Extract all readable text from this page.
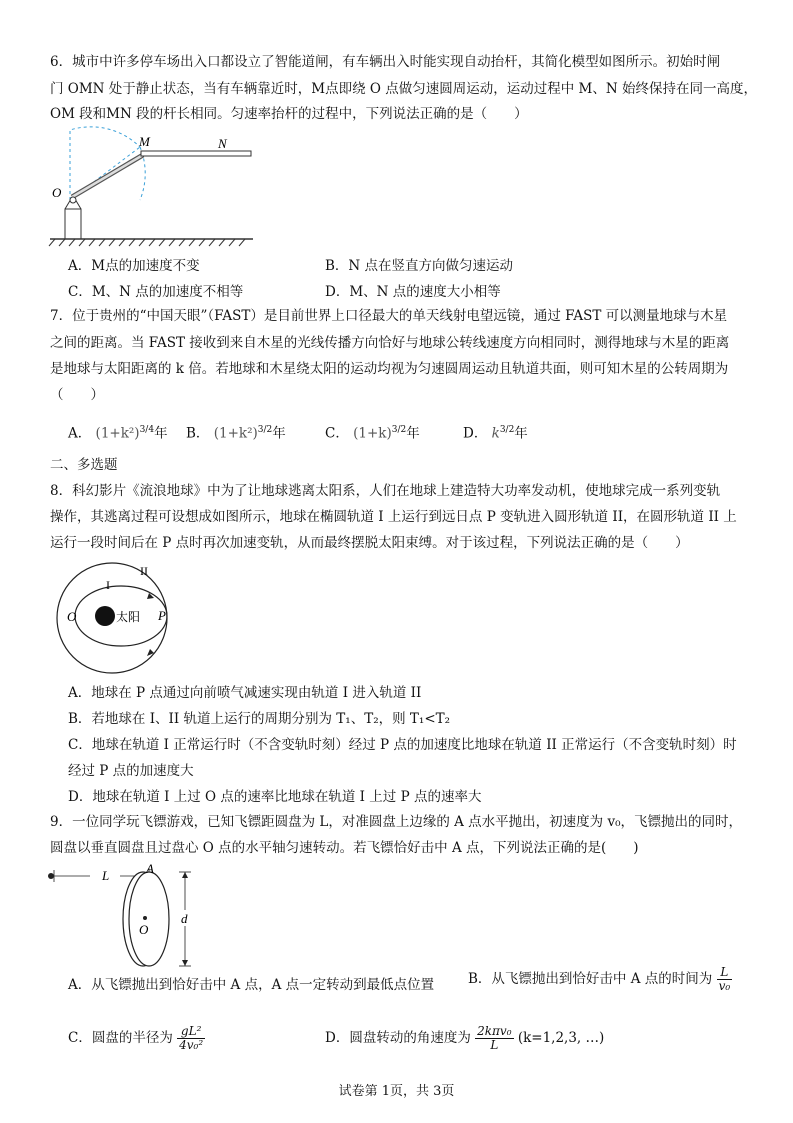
6．城市中许多停车场出入口都设立了智能道闸，有车辆出入时能实现自动抬杆，其简化模型如图所示。初始时闸
门 OMN 处于静止状态，当有车辆靠近时，M点即绕 O 点做匀速圆周运动，运动过程中 M、N 始终保持在同一高度，
OM 段和MN 段的杆长相同。匀速率抬杆的过程中，下列说法正确的是（　　）
O
M	N
A．M点的加速度不变	B．N 点在竖直方向做匀速运动
C．M、N 点的加速度不相等	D．M、N 点的速度大小相等
7．位于贵州的“中国天眼”（FAST）是目前世界上口径最大的单天线射电望远镜，通过 FAST 可以测量地球与木星
之间的距离。当 FAST 接收到来自木星的光线传播方向恰好与地球公转线速度方向相同时，测得地球与木星的距离
是地球与太阳距离的 k 倍。若地球和木星绕太阳的运动均视为匀速圆周运动且轨道共面，则可知木星的公转周期为
（　　）
A． $(1+k^2)^{3/4}$年 B． $(1+k^2)^{3/2}$年	C． $(1+k)^{3/2}$年	D． $k^{3/2}$年
二、多选题
8．科幻影片《流浪地球》中为了让地球逃离太阳系，人们在地球上建造特大功率发动机，使地球完成一系列变轨
操作，其逃离过程可设想成如图所示，地球在椭圆轨道 I 上运行到远日点 P 变轨进入圆形轨道 II，在圆形轨道 II 上
运行一段时间后在 P 点时再次加速变轨，从而最终摆脱太阳束缚。对于该过程，下列说法正确的是（　　）
I
II
O	P
太阳
A．地球在 P 点通过向前喷气减速实现由轨道 I 进入轨道 II
B．若地球在 I、II 轨道上运行的周期分别为 T₁、T₂，则 T₁<T₂
C．地球在轨道 I 正常运行时（不含变轨时刻）经过 P 点的加速度比地球在轨道 II 正常运行（不含变轨时刻）时
经过 P 点的加速度大
D．地球在轨道 I 上过 O 点的速率比地球在轨道 I 上过 P 点的速率大
9．一位同学玩飞镖游戏，已知飞镖距圆盘为 L，对准圆盘上边缘的 A 点水平抛出，初速度为 v₀，飞镖抛出的同时，
圆盘以垂直圆盘且过盘心 O 点的水平轴匀速转动。若飞镖恰好击中 A 点，下列说法正确的是(　　)
L	A
O
d
A．从飞镖抛出到恰好击中 A 点，A 点一定转动到最低点位置	B．从飞镖抛出到恰好击中 A 点的时间为 $\frac{L}{\text{v₀}}$
C．圆盘的半径为 $\frac{\text{gL²}}{\text{4v₀²}}$	D．圆盘转动的角速度为 $\frac{\text{2kπv₀}}{L} (k=1,2,3$, …)
试卷第 1页，共 3页
